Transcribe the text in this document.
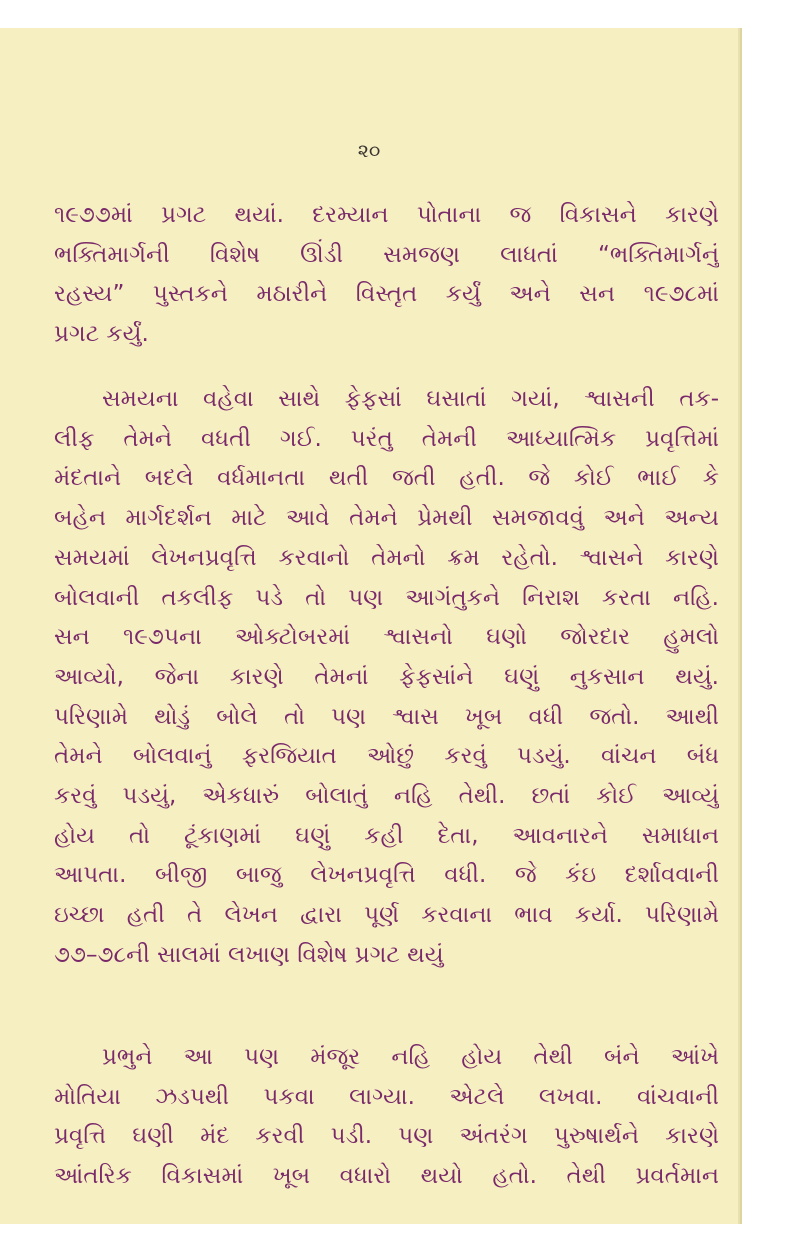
૨૦
૧૯૭૭માં પ્રગટ થયાં. દરમ્યાન પોતાના જ વિકાસને કારણે
ભક્તિમાર્ગની વિશેષ ઊંડી સમજણ લાધતાં “ભક્તિમાર્ગનું
રહસ્ય” પુસ્તકને મઠારીને વિસ્તૃત કર્યું અને સન ૧૯૭૮માં
પ્રગટ કર્યું.
સમયના વહેવા સાથે ફેફસાં ઘસાતાં ગયાં, શ્વાસની તક-
લીફ તેમને વધતી ગઈ. પરંતુ તેમની આધ્યાત્મિક પ્રવૃત્તિમાં
મંદતાને બદલે વર્ધમાનતા થતી જતી હતી. જે કોઈ ભાઈ કે
બહેન માર્ગદર્શન માટે આવે તેમને પ્રેમથી સમજાવવું અને અન્ય
સમયમાં લેખનપ્રવૃત્તિ કરવાનો તેમનો ક્રમ રહેતો. શ્વાસને કારણે
બોલવાની તકલીફ પડે તો પણ આગંતુકને નિરાશ કરતા નહિ.
સન ૧૯૭૫ના ઓક્ટોબરમાં શ્વાસનો ઘણો જોરદાર હુમલો
આવ્યો, જેના કારણે તેમનાં ફેફસાંને ઘણું નુકસાન થયું.
પરિણામે થોડું બોલે તો પણ શ્વાસ ખૂબ વધી જતો. આથી
તેમને બોલવાનું ફરજિયાત ઓછું કરવું પડયું. વાંચન બંધ
કરવું પડયું, એકધારું બોલાતું નહિ તેથી. છતાં કોઈ આવ્યું
હોય તો ટૂંકાણમાં ઘણું કહી દેતા, આવનારને સમાધાન
આપતા. બીજી બાજુ લેખનપ્રવૃત્તિ વધી. જે કંઇ દર્શાવવાની
ઇચ્છા હતી તે લેખન દ્વારા પૂર્ણ કરવાના ભાવ કર્યા. પરિણામે
૭૭–૭૮ની સાલમાં લખાણ વિશેષ પ્રગટ થયું
પ્રભુને આ પણ મંજૂર નહિ હોય તેથી બંને આંખે
મોતિયા ઝડપથી પકવા લાગ્યા. એટલે લખવા. વાંચવાની
પ્રવૃત્તિ ઘણી મંદ કરવી પડી. પણ અંતરંગ પુરુષાર્થને કારણે
આંતરિક વિકાસમાં ખૂબ વધારો થયો હતો. તેથી પ્રવર્તમાન
